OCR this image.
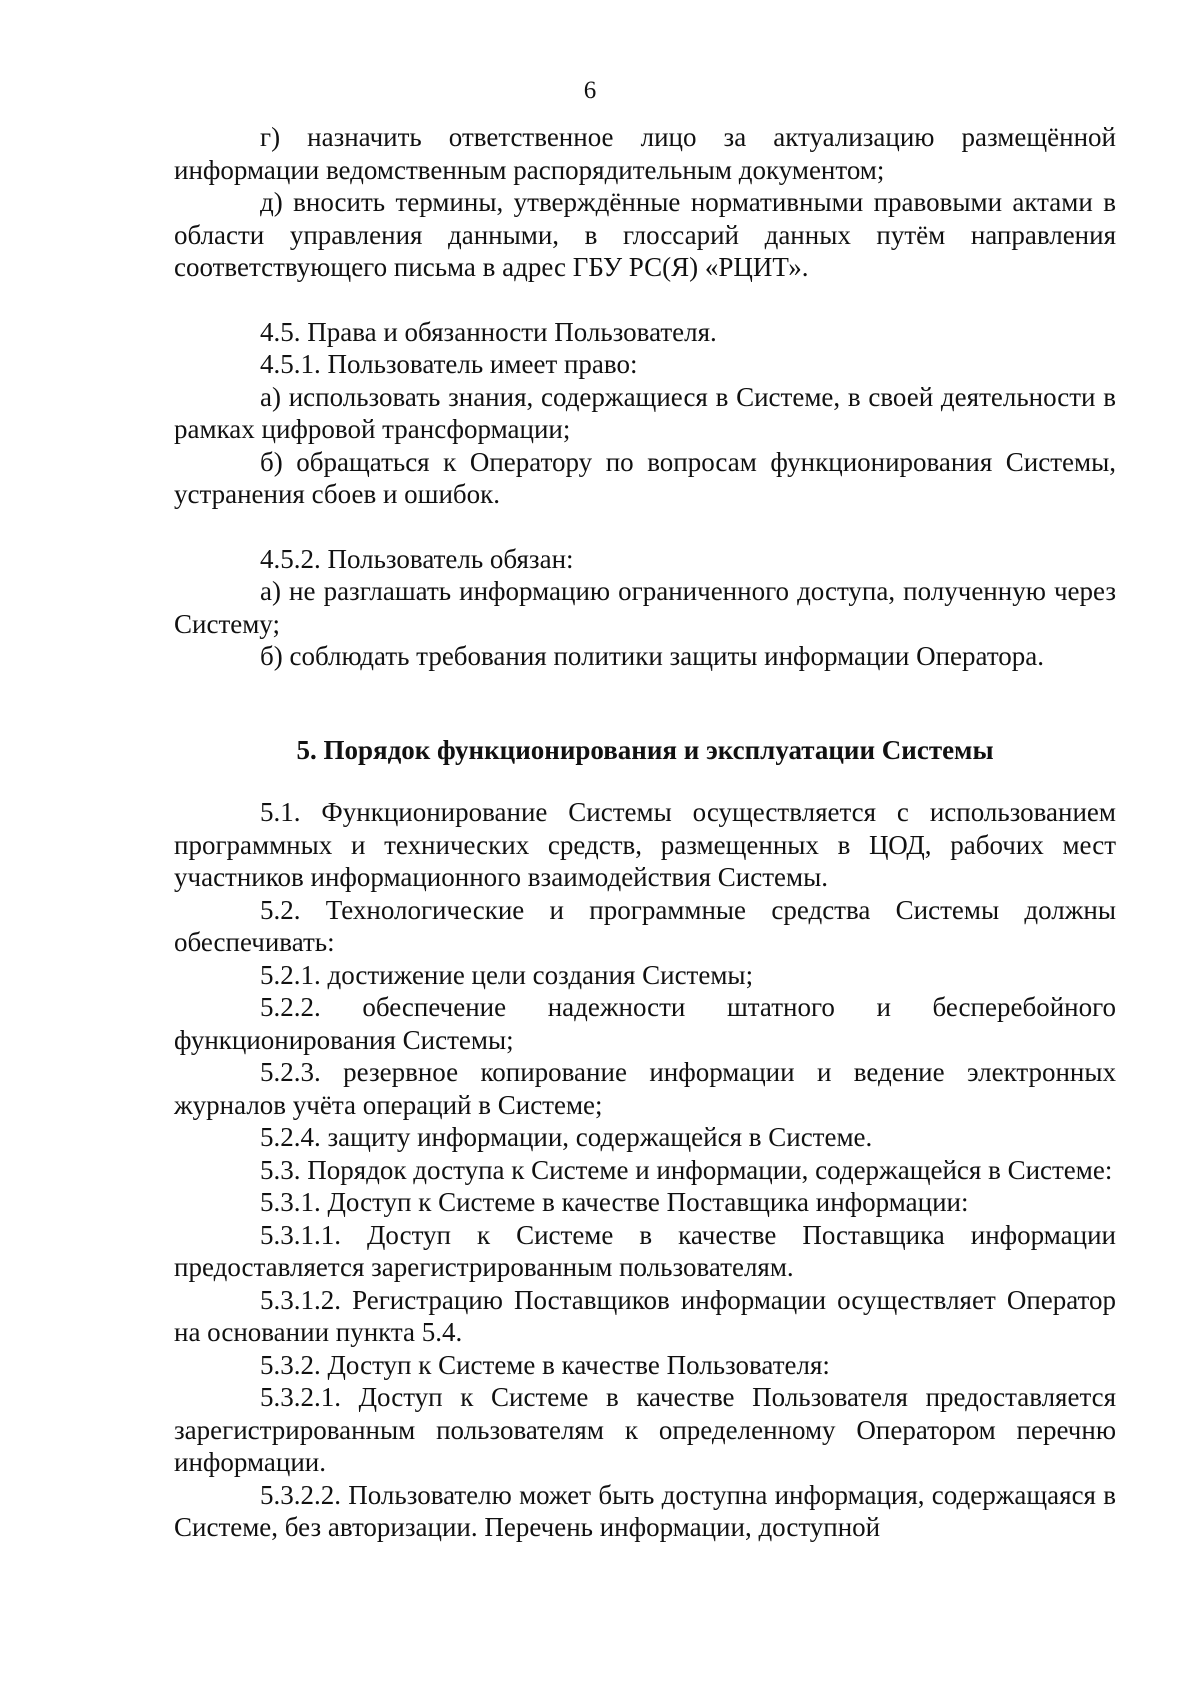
6

г) назначить ответственное лицо за актуализацию размещённой информации ведомственным распорядительным документом;

д) вносить термины, утверждённые нормативными правовыми актами в области управления данными, в глоссарий данных путём направления соответствующего письма в адрес ГБУ РС(Я) «РЦИТ».

4.5. Права и обязанности Пользователя.

4.5.1. Пользователь имеет право:

а) использовать знания, содержащиеся в Системе, в своей деятельности в рамках цифровой трансформации;

б) обращаться к Оператору по вопросам функционирования Системы, устранения сбоев и ошибок.

4.5.2. Пользователь обязан:

а) не разглашать информацию ограниченного доступа, полученную через Систему;

б) соблюдать требования политики защиты информации Оператора.

5. Порядок функционирования и эксплуатации Системы

5.1. Функционирование Системы осуществляется с использованием программных и технических средств, размещенных в ЦОД, рабочих мест участников информационного взаимодействия Системы.

5.2. Технологические и программные средства Системы должны обеспечивать:

5.2.1. достижение цели создания Системы;

5.2.2. обеспечение надежности штатного и бесперебойного функционирования Системы;

5.2.3. резервное копирование информации и ведение электронных журналов учёта операций в Системе;

5.2.4. защиту информации, содержащейся в Системе.

5.3. Порядок доступа к Системе и информации, содержащейся в Системе:

5.3.1. Доступ к Системе в качестве Поставщика информации:

5.3.1.1. Доступ к Системе в качестве Поставщика информации предоставляется зарегистрированным пользователям.

5.3.1.2. Регистрацию Поставщиков информации осуществляет Оператор на основании пункта 5.4.

5.3.2. Доступ к Системе в качестве Пользователя:

5.3.2.1. Доступ к Системе в качестве Пользователя предоставляется зарегистрированным пользователям к определенному Оператором перечню информации.

5.3.2.2. Пользователю может быть доступна информация, содержащаяся в Системе, без авторизации. Перечень информации, доступной
